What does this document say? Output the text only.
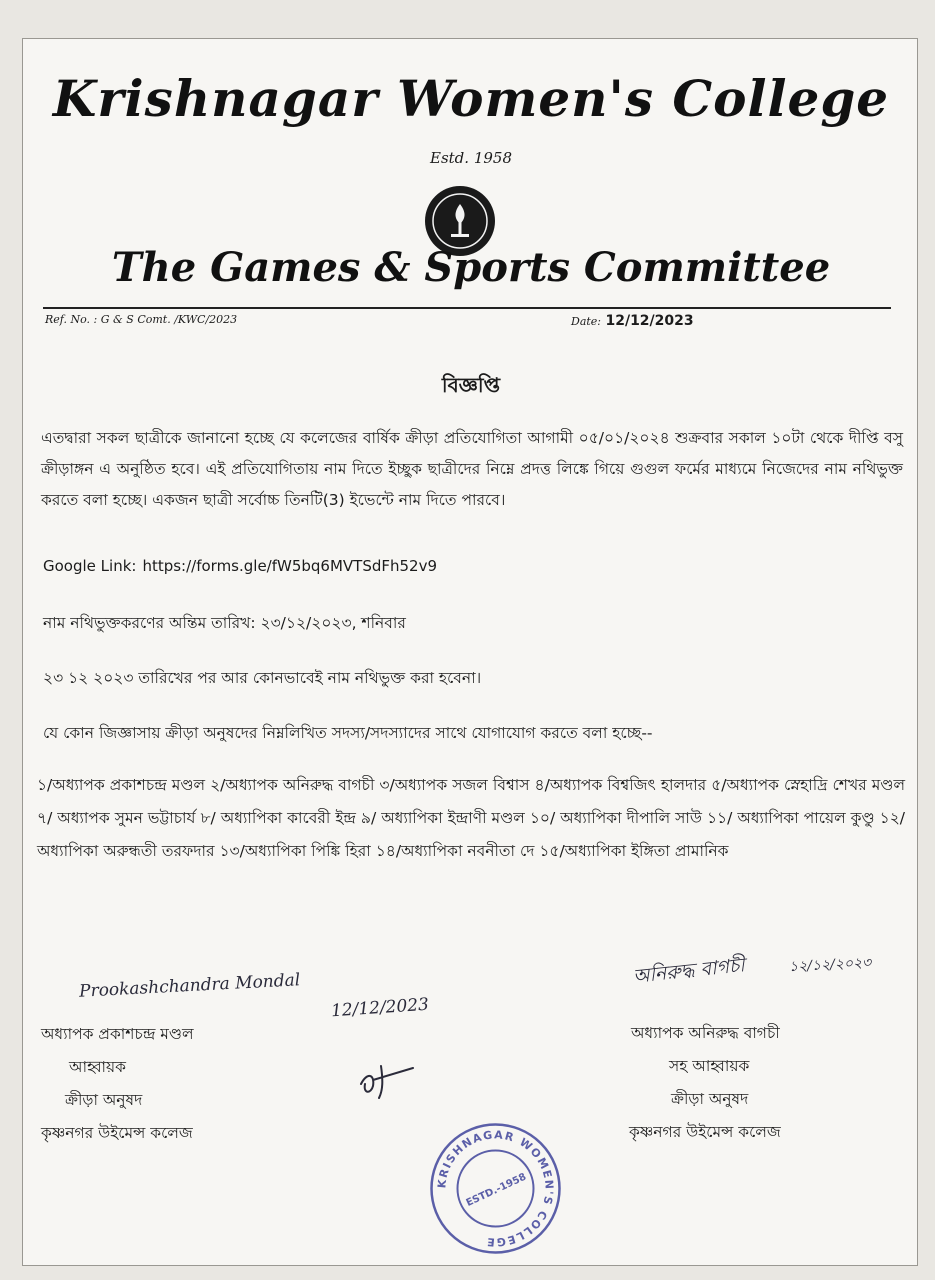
Krishnagar Women's College
Estd. 1958
The Games & Sports Committee
Ref. No. : G & S Comt. /KWC/2023	Date: 12/12/2023
বিজ্ঞপ্তি
এতদ্বারা সকল ছাত্রীকে জানানো হচ্ছে যে কলেজের বার্ষিক ক্রীড়া প্রতিযোগিতা আগামী ০৫/০১/২০২৪ শুক্রবার সকাল ১০টা থেকে দীপ্তি বসু ক্রীড়াঙ্গন এ অনুষ্ঠিত হবে। এই প্রতিযোগিতায় নাম দিতে ইচ্ছুক ছাত্রীদের নিম্নে প্রদত্ত লিঙ্কে গিয়ে গুগুল ফর্মের মাধ্যমে নিজেদের নাম নথিভুক্ত করতে বলা হচ্ছে। একজন ছাত্রী সর্বোচ্চ তিনটি(3) ইভেন্টে নাম দিতে পারবে।
Google Link: https://forms.gle/fW5bq6MVTSdFh52v9
নাম নথিভুক্তকরণের অন্তিম তারিখ: ২৩/১২/২০২৩, শনিবার
২৩ ১২ ২০২৩ তারিখের পর আর কোনভাবেই নাম নথিভুক্ত করা হবেনা।
যে কোন জিজ্ঞাসায় ক্রীড়া অনুষদের নিম্নলিখিত সদস্য/সদস্যাদের সাথে যোগাযোগ করতে বলা হচ্ছে--
১/অধ্যাপক প্রকাশচন্দ্র মণ্ডল ২/অধ্যাপক অনিরুদ্ধ বাগচী ৩/অধ্যাপক সজল বিশ্বাস ৪/অধ্যাপক বিশ্বজিৎ হালদার ৫/অধ্যাপক স্নেহাদ্রি শেখর মণ্ডল ৭/ অধ্যাপক সুমন ভট্টাচার্য ৮/ অধ্যাপিকা কাবেরী ইন্দ্র ৯/ অধ্যাপিকা ইন্দ্রাণী মণ্ডল ১০/ অধ্যাপিকা দীপালি সাউ ১১/ অধ্যাপিকা পায়েল কুণ্ডু ১২/ অধ্যাপিকা অরুন্ধতী তরফদার ১৩/অধ্যাপিকা পিঙ্কি হিরা ১৪/অধ্যাপিকা নবনীতা দে ১৫/অধ্যাপিকা ইঙ্গিতা প্রামানিক
Prookashchandra Mondal
12/12/2023
অধ্যাপক প্রকাশচন্দ্র মণ্ডল
আহ্বায়ক
ক্রীড়া অনুষদ
কৃষ্ণনগর উইমেন্স কলেজ
অনিরুদ্ধ বাগচী	১২/১২/২০২৩
অধ্যাপক অনিরুদ্ধ বাগচী
সহ আহ্বায়ক
ক্রীড়া অনুষদ
কৃষ্ণনগর উইমেন্স কলেজ
KRISHNAGAR WOMEN'S COLLEGE
ESTD.-1958
